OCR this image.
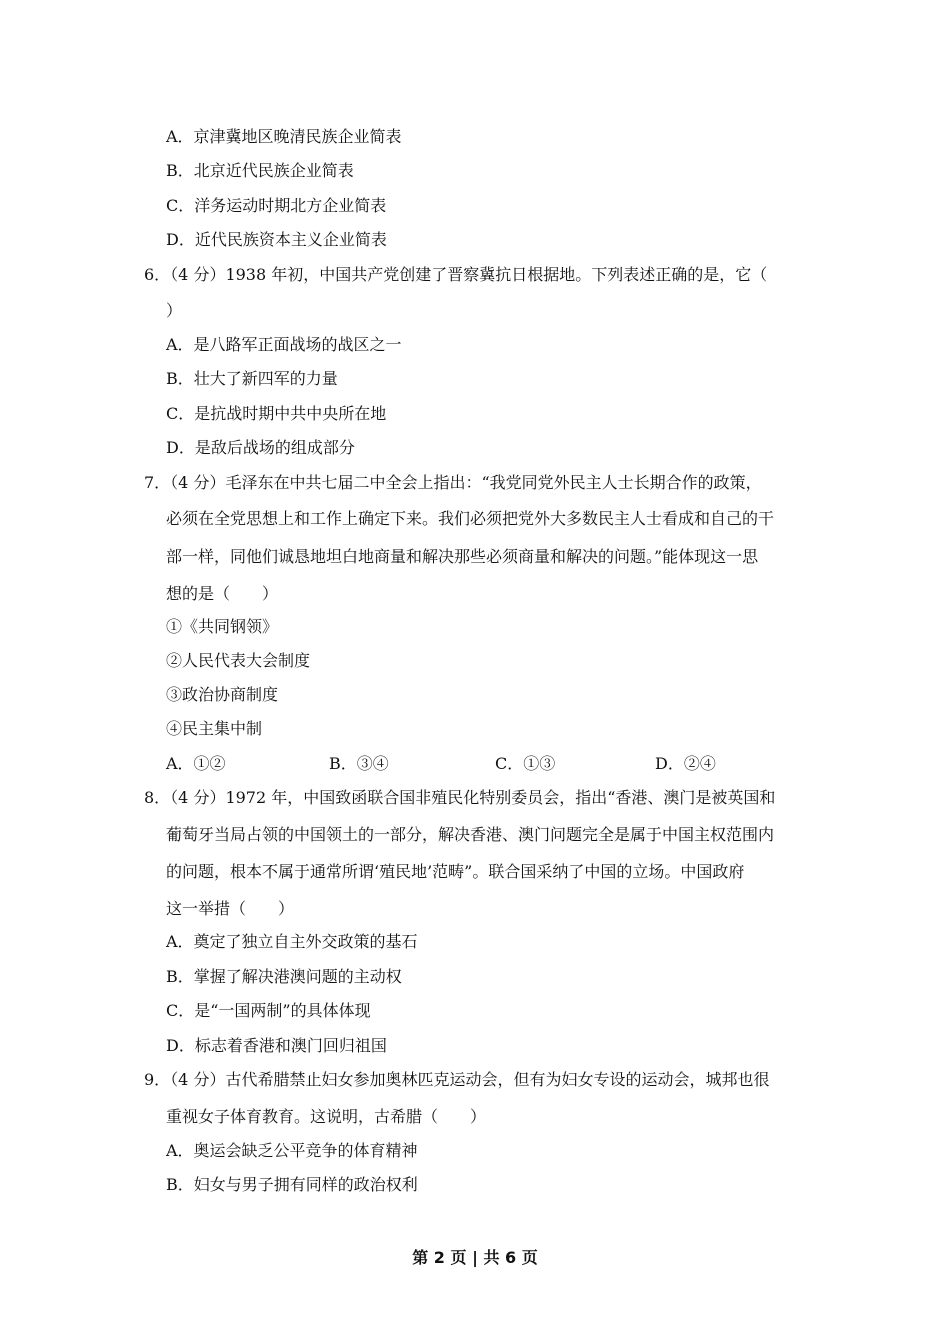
A．京津冀地区晚清民族企业简表
B．北京近代民族企业简表
C．洋务运动时期北方企业简表
D．近代民族资本主义企业简表
6．（4 分）1938 年初，中国共产党创建了晋察冀抗日根据地。下列表述正确的是，它（
）
A．是八路军正面战场的战区之一
B．壮大了新四军的力量
C．是抗战时期中共中央所在地
D．是敌后战场的组成部分
7．（4 分）毛泽东在中共七届二中全会上指出：“我党同党外民主人士长期合作的政策，
必须在全党思想上和工作上确定下来。我们必须把党外大多数民主人士看成和自己的干
部一样，同他们诚恳地坦白地商量和解决那些必须商量和解决的问题。”能体现这一思
想的是（　　）
①《共同钢领》
②人民代表大会制度
③政治协商制度
④民主集中制
A．①②	B．③④	C．①③	D．②④
8．（4 分）1972 年，中国致函联合国非殖民化特别委员会，指出“香港、澳门是被英国和
葡萄牙当局占领的中国领土的一部分，解决香港、澳门问题完全是属于中国主权范围内
的问题，根本不属于通常所谓‘殖民地’范畴”。联合国采纳了中国的立场。中国政府
这一举措（　　）
A．奠定了独立自主外交政策的基石
B．掌握了解决港澳问题的主动权
C．是“一国两制”的具体体现
D．标志着香港和澳门回归祖国
9．（4 分）古代希腊禁止妇女参加奥林匹克运动会，但有为妇女专设的运动会，城邦也很
重视女子体育教育。这说明，古希腊（　　）
A．奥运会缺乏公平竞争的体育精神
B．妇女与男子拥有同样的政治权利
第 2 页 | 共 6 页
